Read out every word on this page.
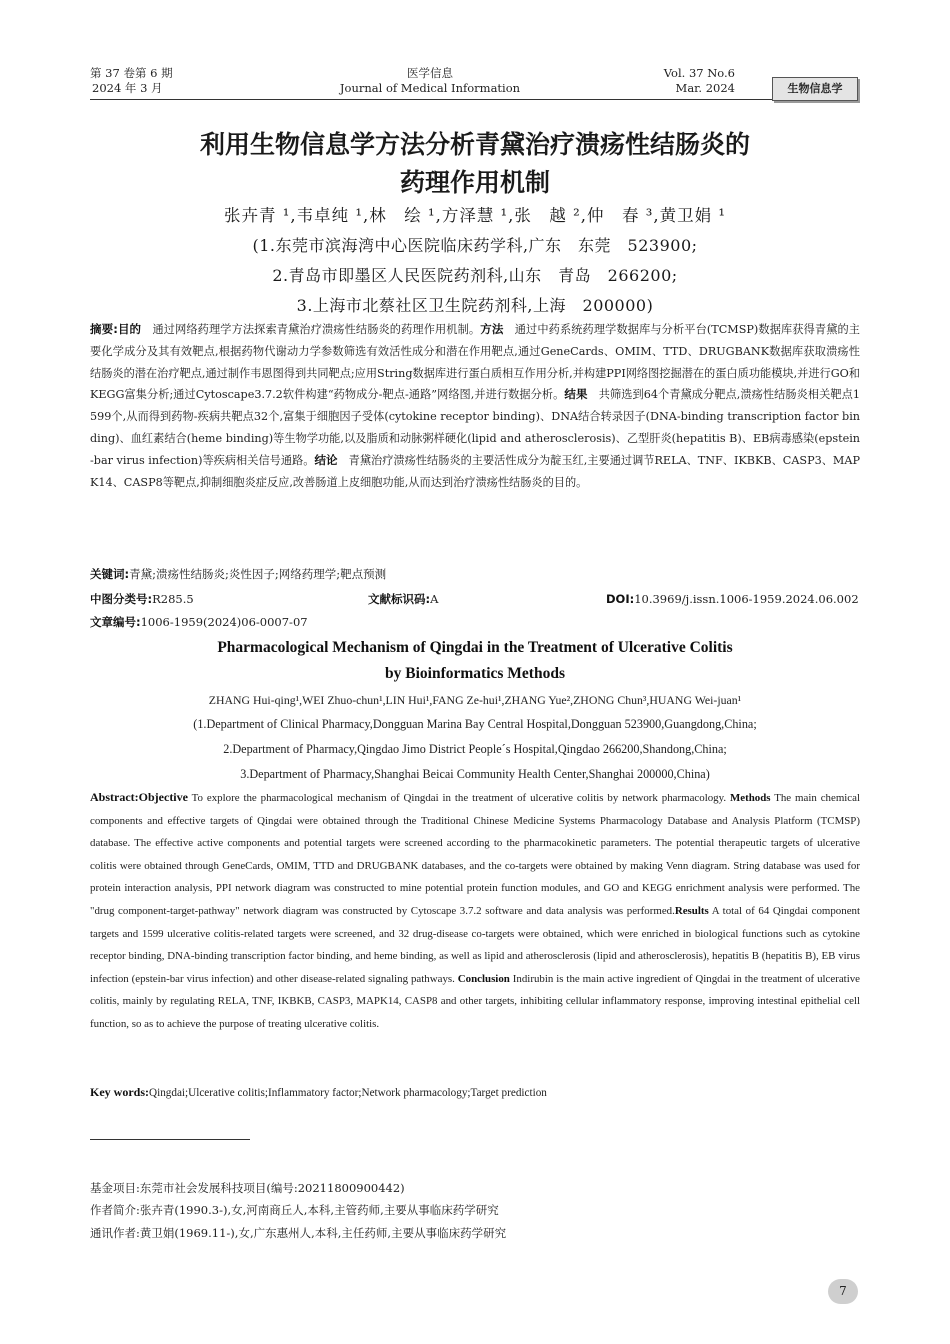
第 37 卷第 6 期
2024 年 3 月
医学信息
Journal of Medical Information
Vol. 37 No.6
Mar. 2024	生物信息学
利用生物信息学方法分析青黛治疗溃疡性结肠炎的
药理作用机制
张卉青 ¹,韦卓纯 ¹,林　绘 ¹,方泽慧 ¹,张　越 ²,仲　春 ³,黄卫娟 ¹
(1.东莞市滨海湾中心医院临床药学科,广东　东莞　523900;
2.青岛市即墨区人民医院药剂科,山东　青岛　266200;
3.上海市北蔡社区卫生院药剂科,上海　200000)
摘要:目的　通过网络药理学方法探索青黛治疗溃疡性结肠炎的药理作用机制。方法　通过中药系统药理学数据库与分析平台(TCMSP)数据库获得青黛的主要化学成分及其有效靶点,根据药物代谢动力学参数筛选有效活性成分和潜在作用靶点,通过GeneCards、OMIM、TTD、DRUGBANK数据库获取溃疡性结肠炎的潜在治疗靶点,通过制作韦恩图得到共同靶点;应用String数据库进行蛋白质相互作用分析,并构建PPI网络图挖掘潜在的蛋白质功能模块,并进行GO和KEGG富集分析;通过Cytoscape3.7.2软件构建“药物成分-靶点-通路”网络图,并进行数据分析。结果　共筛选到64个青黛成分靶点,溃疡性结肠炎相关靶点1599个,从而得到药物-疾病共靶点32个,富集于细胞因子受体(cytokine receptor binding)、DNA结合转录因子(DNA-binding transcription factor binding)、血红素结合(heme binding)等生物学功能,以及脂质和动脉粥样硬化(lipid and atherosclerosis)、乙型肝炎(hepatitis B)、EB病毒感染(epstein-bar virus infection)等疾病相关信号通路。结论　青黛治疗溃疡性结肠炎的主要活性成分为靛玉红,主要通过调节RELA、TNF、IKBKB、CASP3、MAPK14、CASP8等靶点,抑制细胞炎症反应,改善肠道上皮细胞功能,从而达到治疗溃疡性结肠炎的目的。
关键词:青黛;溃疡性结肠炎;炎性因子;网络药理学;靶点预测
中图分类号:R285.5	文献标识码:A	DOI:10.3969/j.issn.1006-1959.2024.06.002
文章编号:1006-1959(2024)06-0007-07
Pharmacological Mechanism of Qingdai in the Treatment of Ulcerative Colitis
by Bioinformatics Methods
ZHANG Hui-qing¹,WEI Zhuo-chun¹,LIN Hui¹,FANG Ze-hui¹,ZHANG Yue²,ZHONG Chun³,HUANG Wei-juan¹
(1.Department of Clinical Pharmacy,Dongguan Marina Bay Central Hospital,Dongguan 523900,Guangdong,China;
2.Department of Pharmacy,Qingdao Jimo District People´s Hospital,Qingdao 266200,Shandong,China;
3.Department of Pharmacy,Shanghai Beicai Community Health Center,Shanghai 200000,China)
Abstract:Objective To explore the pharmacological mechanism of Qingdai in the treatment of ulcerative colitis by network pharmacology. Methods The main chemical components and effective targets of Qingdai were obtained through the Traditional Chinese Medicine Systems Pharmacology Database and Analysis Platform (TCMSP) database. The effective active components and potential targets were screened according to the pharmacokinetic parameters. The potential therapeutic targets of ulcerative colitis were obtained through GeneCards, OMIM, TTD and DRUGBANK databases, and the co-targets were obtained by making Venn diagram. String database was used for protein interaction analysis, PPI network diagram was constructed to mine potential protein function modules, and GO and KEGG enrichment analysis were performed. The "drug component-target-pathway" network diagram was constructed by Cytoscape 3.7.2 software and data analysis was performed.Results A total of 64 Qingdai component targets and 1599 ulcerative colitis-related targets were screened, and 32 drug-disease co-targets were obtained, which were enriched in biological functions such as cytokine receptor binding, DNA-binding transcription factor binding, and heme binding, as well as lipid and atherosclerosis (lipid and atherosclerosis), hepatitis B (hepatitis B), EB virus infection (epstein-bar virus infection) and other disease-related signaling pathways. Conclusion Indirubin is the main active ingredient of Qingdai in the treatment of ulcerative colitis, mainly by regulating RELA, TNF, IKBKB, CASP3, MAPK14, CASP8 and other targets, inhibiting cellular inflammatory response, improving intestinal epithelial cell function, so as to achieve the purpose of treating ulcerative colitis.
Key words:Qingdai;Ulcerative colitis;Inflammatory factor;Network pharmacology;Target prediction
基金项目:东莞市社会发展科技项目(编号:20211800900442)
作者简介:张卉青(1990.3-),女,河南商丘人,本科,主管药师,主要从事临床药学研究
通讯作者:黄卫娟(1969.11-),女,广东惠州人,本科,主任药师,主要从事临床药学研究
7
